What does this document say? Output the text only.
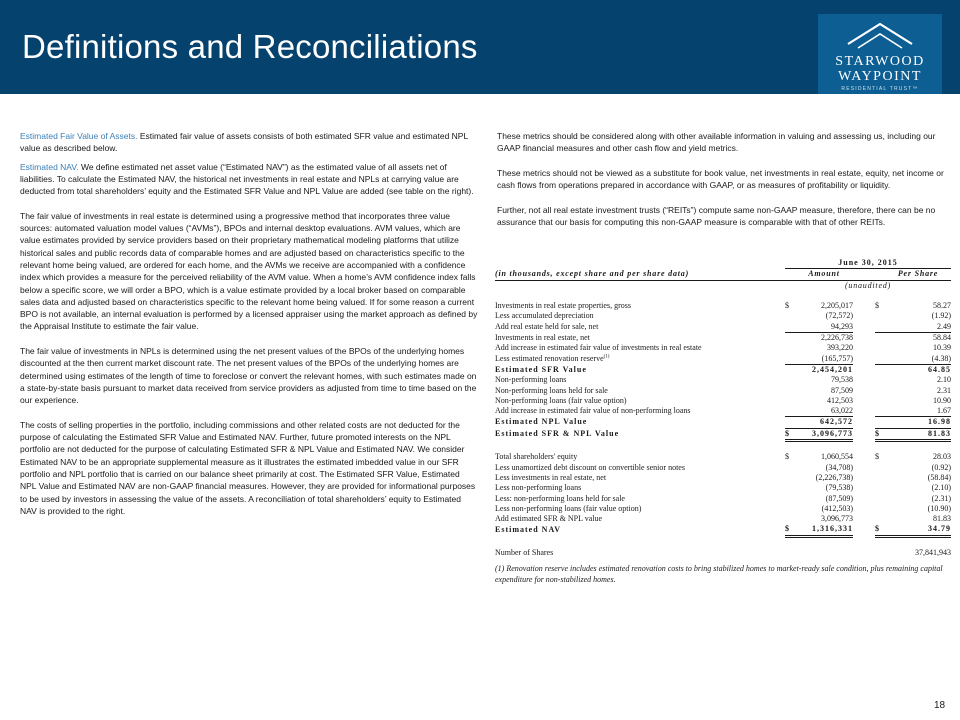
Definitions and Reconciliations	STARWOOD
WAYPOINT
RESIDENTIAL TRUST™

Estimated Fair Value of Assets. Estimated fair value of assets consists of both estimated SFR value and estimated NPL value as described below.

Estimated NAV. We define estimated net asset value (“Estimated NAV”) as the estimated value of all assets net of liabilities. To calculate the Estimated NAV, the historical net investments in real estate and NPLs at carrying value are deducted from total shareholders’ equity and the Estimated SFR Value and NPL Value are added (see table on the right).

The fair value of investments in real estate is determined using a progressive method that incorporates three value sources: automated valuation model values (“AVMs”), BPOs and internal desktop evaluations. AVM values, which are value estimates provided by service providers based on their proprietary mathematical modeling platforms that utilize historical sales and public records data of comparable homes and are adjusted based on characteristics specific to the relevant home being valued, are ordered for each home, and the AVMs we receive are accompanied with a confidence index which provides a measure for the perceived reliability of the AVM value. When a home’s AVM confidence index falls below a specific score, we will order a BPO, which is a value estimate provided by a local broker based on comparable sales data and adjusted based on characteristics specific to the relevant home being valued. If for some reason a current BPO is not available, an internal evaluation is performed by a licensed appraiser using the market approach as defined by the Appraisal Institute to estimate the fair value.

The fair value of investments in NPLs is determined using the net present values of the BPOs of the underlying homes discounted at the then current market discount rate. The net present values of the BPOs of the underlying homes are determined using estimates of the length of time to foreclose or convert the relevant homes, with such estimates made on a state-by-state basis pursuant to market data received from service providers as adjusted from time to time based on the our experience.

The costs of selling properties in the portfolio, including commissions and other related costs are not deducted for the purpose of calculating the Estimated SFR Value and Estimated NAV. Further, future promoted interests on the NPL portfolio are not deducted for the purpose of calculating Estimated SFR & NPL Value and Estimated NAV. We consider Estimated NAV to be an appropriate supplemental measure as it illustrates the estimated imbedded value in our SFR portfolio and NPL portfolio that is carried on our balance sheet primarily at cost. The Estimated SFR Value, Estimated NPL Value and Estimated NAV are non-GAAP financial measures. However, they are provided for informational purposes to be used by investors in assessing the value of the assets. A reconciliation of total shareholders’ equity to Estimated NAV is provided to the right.

These metrics should be considered along with other available information in valuing and assessing us, including our GAAP financial measures and other cash flow and yield metrics.

These metrics should not be viewed as a substitute for book value, net investments in real estate, equity, net income or cash flows from operations prepared in accordance with GAAP, or as measures of profitability or liquidity.

Further, not all real estate investment trusts (“REITs”) compute same non-GAAP measure, therefore, there can be no assurance that our basis for computing this non-GAAP measure is comparable with that of other REITs.

	June 30, 2015				
(in thousands, except share and per share data)		Amount			Per Share
	(unaudited)				

Investments in real estate properties, gross	$	2,205,017		$	58.27
Less accumulated depreciation		(72,572)			(1.92)
Add real estate held for sale, net		94,293			2.49
Investments in real estate, net		2,226,738			58.84
Add increase in estimated fair value of investments in real estate		393,220			10.39
Less estimated renovation reserve$^{(1)}$		(165,757)			(4.38)
Estimated SFR Value		2,454,201			64.85
Non-performing loans		79,538			2.10
Non-performing loans held for sale		87,509			2.31
Non-performing loans (fair value option)		412,503			10.90
Add increase in estimated fair value of non-performing loans		63,022			1.67
Estimated NPL Value		642,572			16.98
Estimated SFR & NPL Value	$	3,096,773		$	81.83

Total shareholders' equity	$	1,060,554		$	28.03
Less unamortized debt discount on convertible senior notes		(34,708)			(0.92)
Less investments in real estate, net		(2,226,738)			(58.84)
Less non-performing loans		(79,538)			(2.10)
Less: non-performing loans held for sale		(87,509)			(2.31)
Less non-performing loans (fair value option)		(412,503)			(10.90)
Add estimated SFR & NPL value		3,096,773			81.83
Estimated NAV	$	1,316,331		$	34.79

Number of Shares	37,841,943				

(1) Renovation reserve includes estimated renovation costs to bring stabilized homes to market-ready sale condition, plus remaining capital expenditure for non-stabilized homes.					
18
